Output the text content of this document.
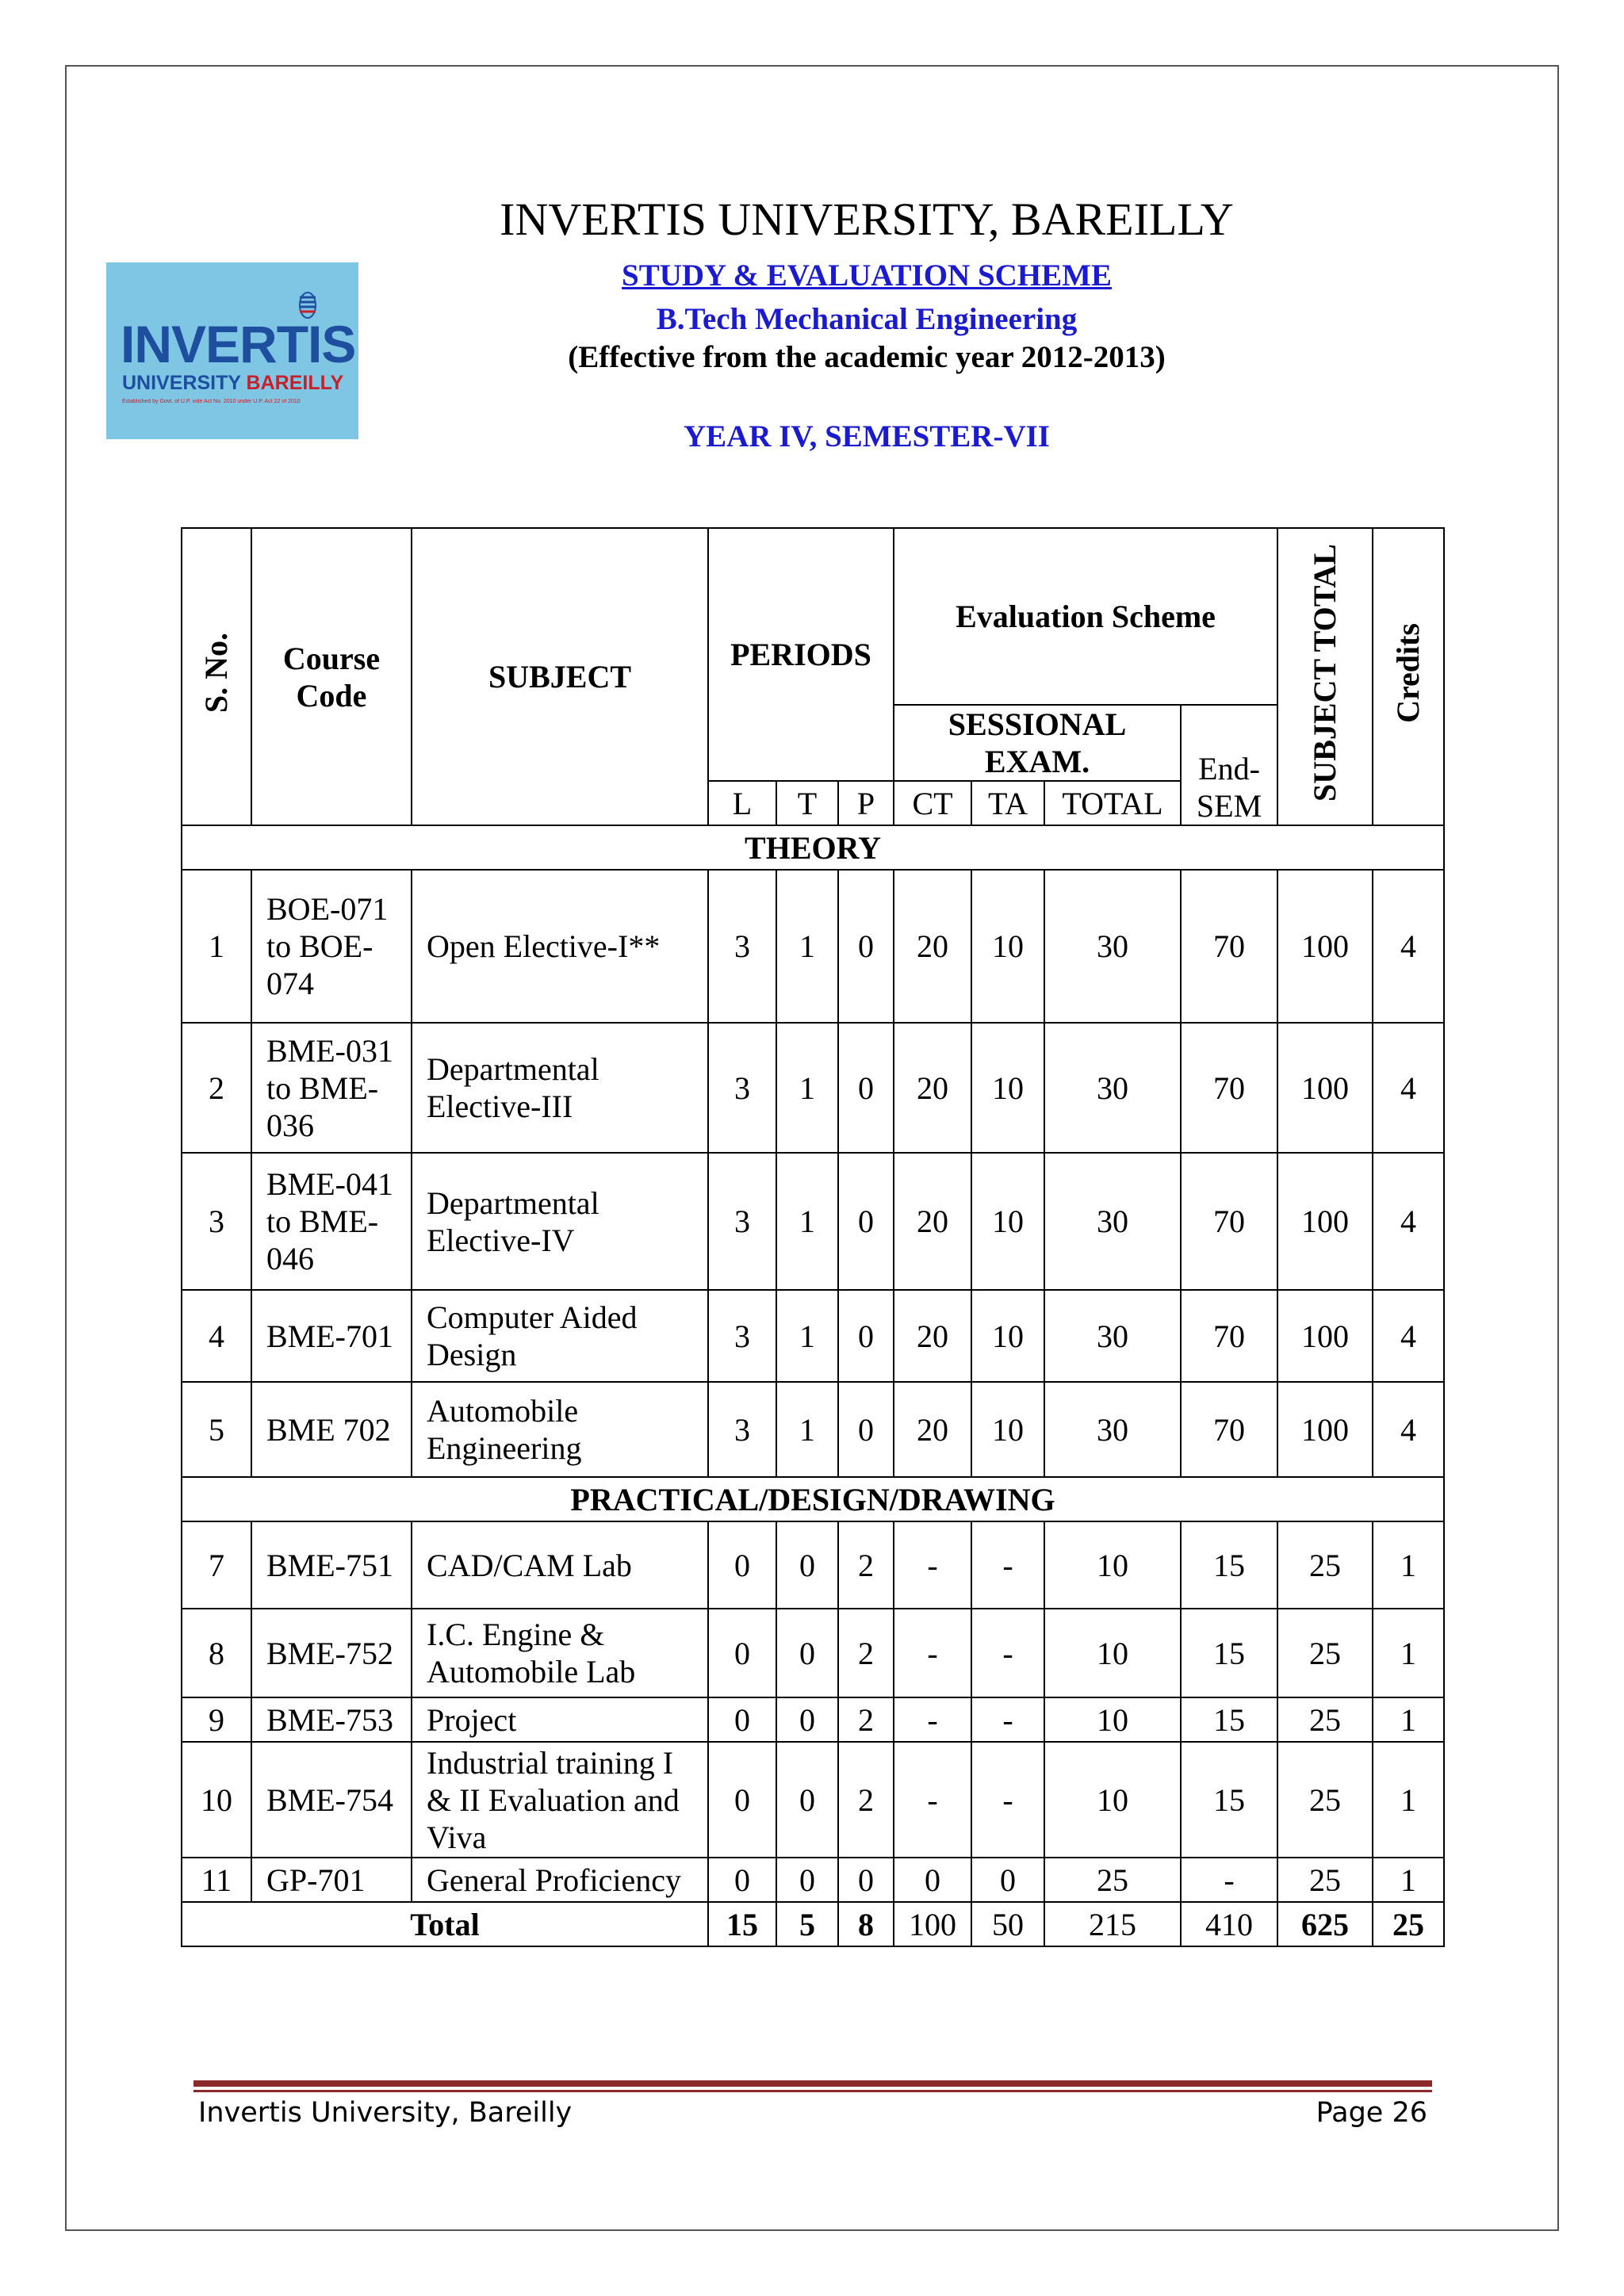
INVERTIS
UNIVERSITY BAREILLY
Established by Govt. of U.P. vide Act No. 2010 under U.P. Act 22 of 2010
INVERTIS UNIVERSITY, BAREILLY
STUDY & EVALUATION SCHEME
B.Tech Mechanical Engineering
(Effective from the academic year 2012-2013)
YEAR IV, SEMESTER-VII
S. No.	Course Code	SUBJECT	PERIODS			Evaluation Scheme				SUBJECT TOTAL	Credits
						SESSIONAL EXAM.			End-SEM		
			L	T	P	CT	TA	TOTAL			
THEORY											
1	BOE-071 to BOE-074	Open Elective-I**	3	1	0	20	10	30	70	100	4
2	BME-031 to BME-036	Departmental Elective-III	3	1	0	20	10	30	70	100	4
3	BME-041 to BME-046	Departmental Elective-IV	3	1	0	20	10	30	70	100	4
4	BME-701	Computer Aided Design	3	1	0	20	10	30	70	100	4
5	BME 702	Automobile Engineering	3	1	0	20	10	30	70	100	4
PRACTICAL/DESIGN/DRAWING											
7	BME-751	CAD/CAM Lab	0	0	2	-	-	10	15	25	1
8	BME-752	I.C. Engine & Automobile Lab	0	0	2	-	-	10	15	25	1
9	BME-753	Project	0	0	2	-	-	10	15	25	1
10	BME-754	Industrial training I & II Evaluation and Viva	0	0	2	-	-	10	15	25	1
11	GP-701	General Proficiency	0	0	0	0	0	25	-	25	1
Total			15	5	8	100	50	215	410	625	25
Invertis University, Bareilly	Page 26
